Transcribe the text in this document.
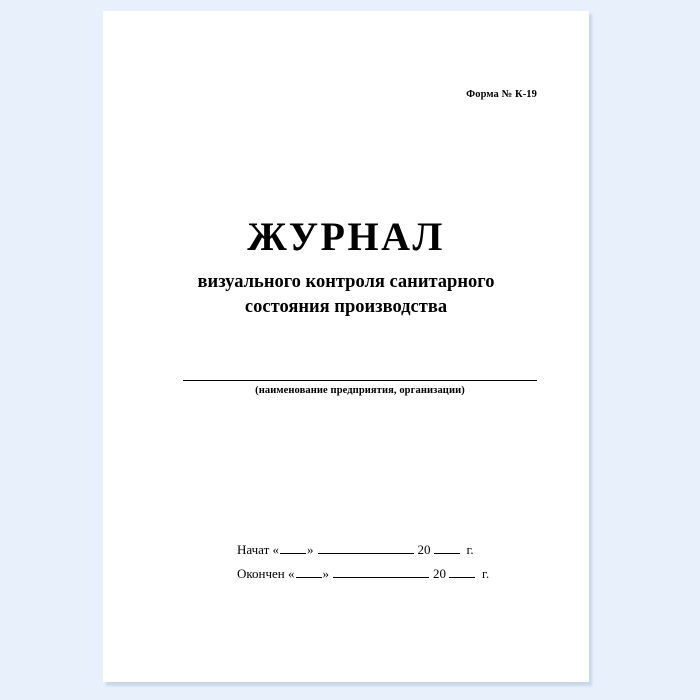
Форма № К-19
ЖУРНАЛ
визуального контроля санитарного
состояния производства
(наименование предприятия, организации)
Начат « »	20	г.
Окончен « »	20	г.
